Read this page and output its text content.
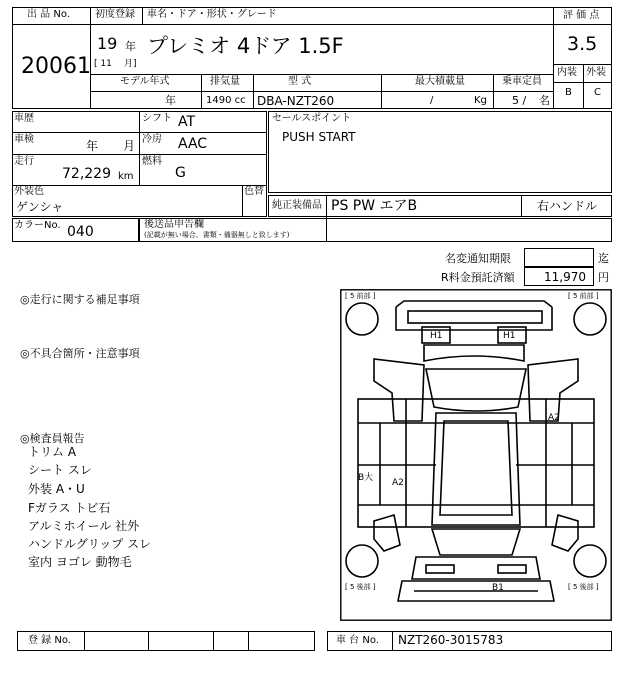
出 品 No.
20061
初度登録 車名・ドア・形状・グレード
19 年
[ 11 月]
プレミオ 4ドア 1.5F
評 価 点
3.5
内装 外装
B C
モデル年式
年
排気量
1490 cc
型 式
DBA-NZT260
最大積載量
/	Kg
乗車定員
5 / 名
車歴	シフト AT
車検	年 月 冷房 AAC
走行
72,229 km
燃料
G
外装色
ゲンシャ
色替
カラーNo. 040	後送品申告欄
(記載が無い場合、書類・備器無しと致します)
セールスポイント
PUSH START
純正装備品 PS PW エアB	右ハンドル
名変通知期限	迄
R料金預託済額 11,970 円
◎走行に関する補足事項
◎不具合箇所・注意事項
◎検査員報告
トリム A
シート スレ
外装 A・U
Fガラス トビ石
アルミホイール 社外
ハンドルグリップ スレ
室内 ヨゴレ 動物毛
[ 5 前部 ]	[ 5 前部 ]
[ 5 後部 ]	[ 5 後部 ]
H1	H1
A2
B大 A2
B1
登 録 No.	車 台 No. NZT260-3015783
